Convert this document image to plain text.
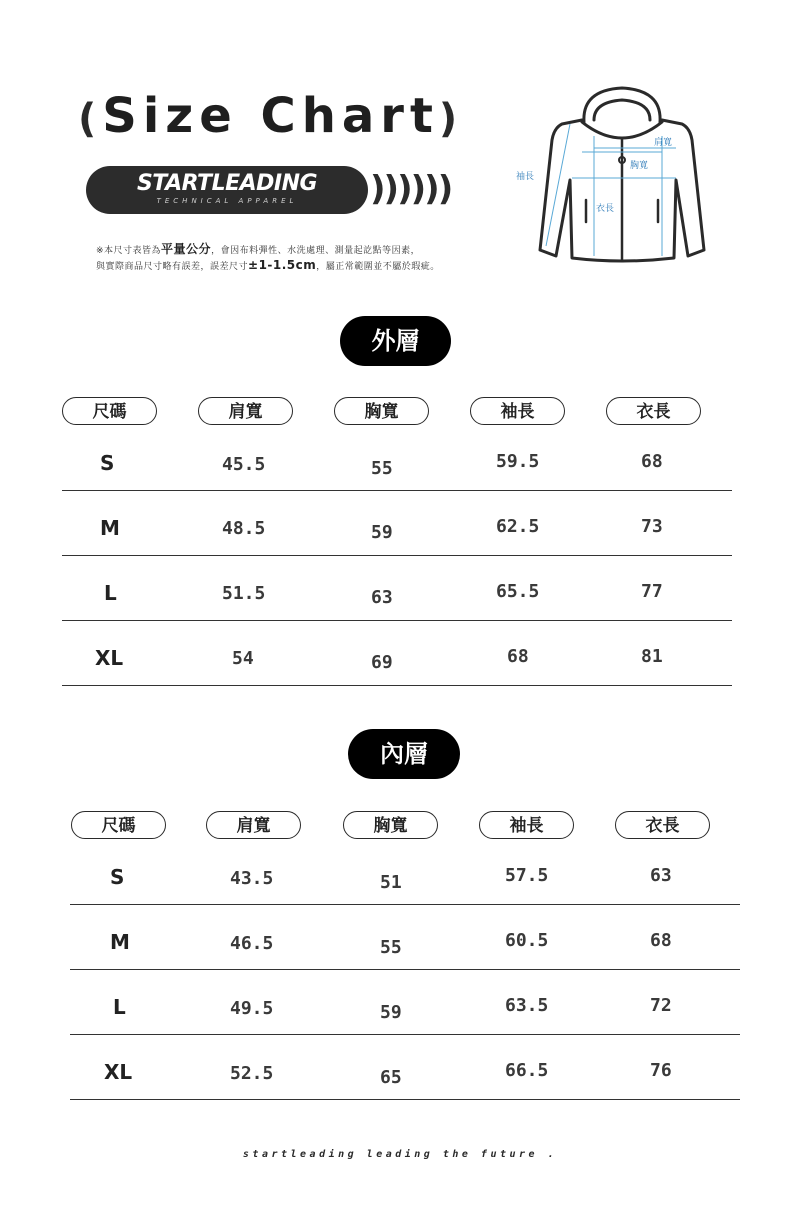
(Size Chart)
STARTLEADING
TECHNICAL APPAREL	))))))
※本尺寸表皆為平量公分，會因布料彈性、水洗處理、測量起訖點等因素，
與實際商品尺寸略有誤差，誤差尺寸±1-1.5cm，屬正常範圍並不屬於瑕疵。
肩寬
胸寬
袖長
衣長
外層
尺碼	肩寬	胸寬	袖長	衣長
S	45.5	55	59.5	68
M	48.5	59	62.5	73
L	51.5	63	65.5	77
XL	54	69	68	81
內層
尺碼	肩寬	胸寬	袖長	衣長
S	43.5	51	57.5	63
M	46.5	55	60.5	68
L	49.5	59	63.5	72
XL	52.5	65	66.5	76
startleading leading the future .
